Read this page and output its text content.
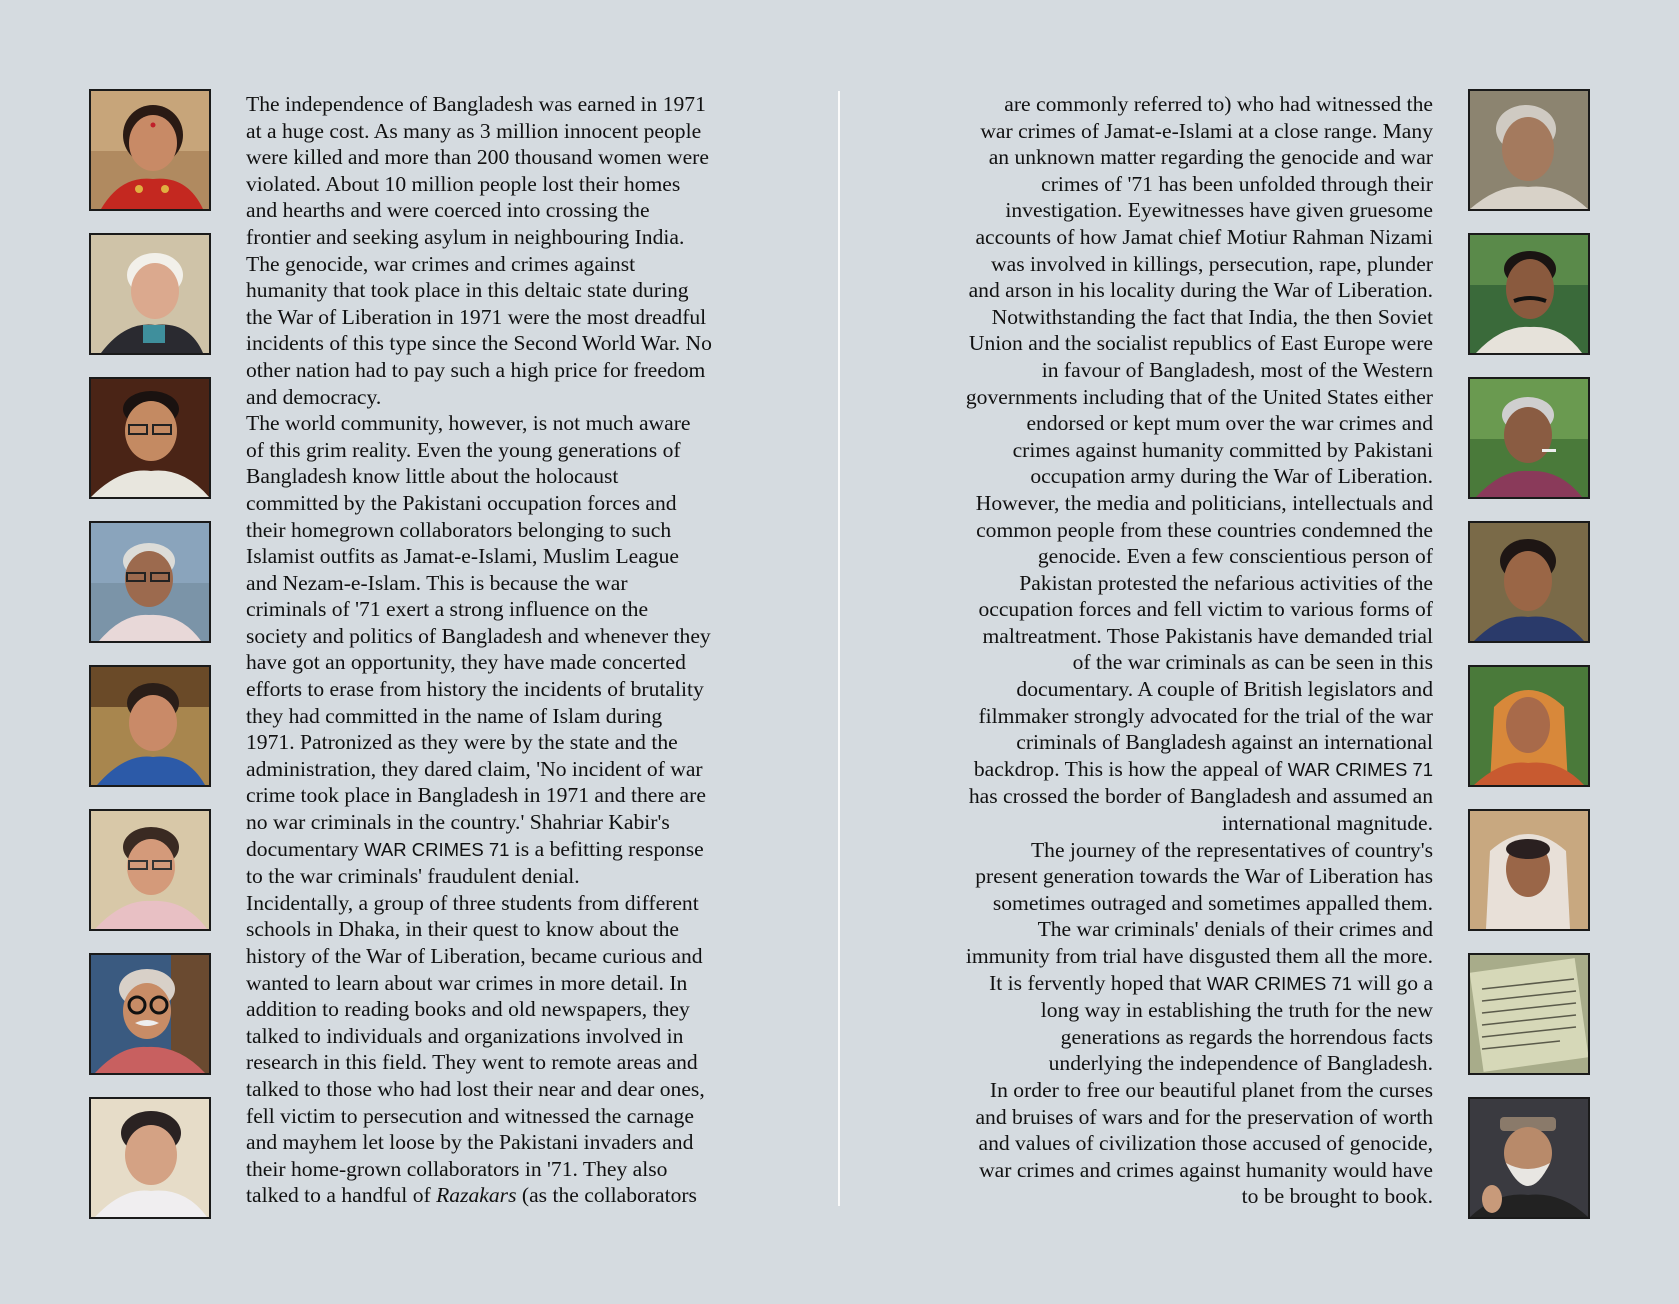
The independence of Bangladesh was earned in 1971
at a huge cost. As many as 3 million innocent people
were killed and more than 200 thousand women were
violated. About 10 million people lost their homes
and hearths and were coerced into crossing the
frontier and seeking asylum in neighbouring India.
The genocide, war crimes and crimes against
humanity that took place in this deltaic state during
the War of Liberation in 1971 were the most dreadful
incidents of this type since the Second World War. No
other nation had to pay such a high price for freedom
and democracy.
The world community, however, is not much aware
of this grim reality. Even the young generations of
Bangladesh know little about the holocaust
committed by the Pakistani occupation forces and
their homegrown collaborators belonging to such
Islamist outfits as Jamat-e-Islami, Muslim League
and Nezam-e-Islam. This is because the war
criminals of '71 exert a strong influence on the
society and politics of Bangladesh and whenever they
have got an opportunity, they have made concerted
efforts to erase from history the incidents of brutality
they had committed in the name of Islam during
1971. Patronized as they were by the state and the
administration, they dared claim, 'No incident of war
crime took place in Bangladesh in 1971 and there are
no war criminals in the country.' Shahriar Kabir's
documentary WAR CRIMES 71 is a befitting response
to the war criminals' fraudulent denial.
Incidentally, a group of three students from different
schools in Dhaka, in their quest to know about the
history of the War of Liberation, became curious and
wanted to learn about war crimes in more detail. In
addition to reading books and old newspapers, they
talked to individuals and organizations involved in
research in this field. They went to remote areas and
talked to those who had lost their near and dear ones,
fell victim to persecution and witnessed the carnage
and mayhem let loose by the Pakistani invaders and
their home-grown collaborators in '71. They also
talked to a handful of Razakars (as the collaborators
are commonly referred to) who had witnessed the
war crimes of Jamat-e-Islami at a close range. Many
an unknown matter regarding the genocide and war
crimes of '71 has been unfolded through their
investigation. Eyewitnesses have given gruesome
accounts of how Jamat chief Motiur Rahman Nizami
was involved in killings, persecution, rape, plunder
and arson in his locality during the War of Liberation.
Notwithstanding the fact that India, the then Soviet
Union and the socialist republics of East Europe were
in favour of Bangladesh, most of the Western
governments including that of the United States either
endorsed or kept mum over the war crimes and
crimes against humanity committed by Pakistani
occupation army during the War of Liberation.
However, the media and politicians, intellectuals and
common people from these countries condemned the
genocide. Even a few conscientious person of
Pakistan protested the nefarious activities of the
occupation forces and fell victim to various forms of
maltreatment. Those Pakistanis have demanded trial
of the war criminals as can be seen in this
documentary. A couple of British legislators and
filmmaker strongly advocated for the trial of the war
criminals of Bangladesh against an international
backdrop. This is how the appeal of WAR CRIMES 71
has crossed the border of Bangladesh and assumed an
international magnitude.
The journey of the representatives of country's
present generation towards the War of Liberation has
sometimes outraged and sometimes appalled them.
The war criminals' denials of their crimes and
immunity from trial have disgusted them all the more.
It is fervently hoped that WAR CRIMES 71 will go a
long way in establishing the truth for the new
generations as regards the horrendous facts
underlying the independence of Bangladesh.
In order to free our beautiful planet from the curses
and bruises of wars and for the preservation of worth
and values of civilization those accused of genocide,
war crimes and crimes against humanity would have
to be brought to book.
